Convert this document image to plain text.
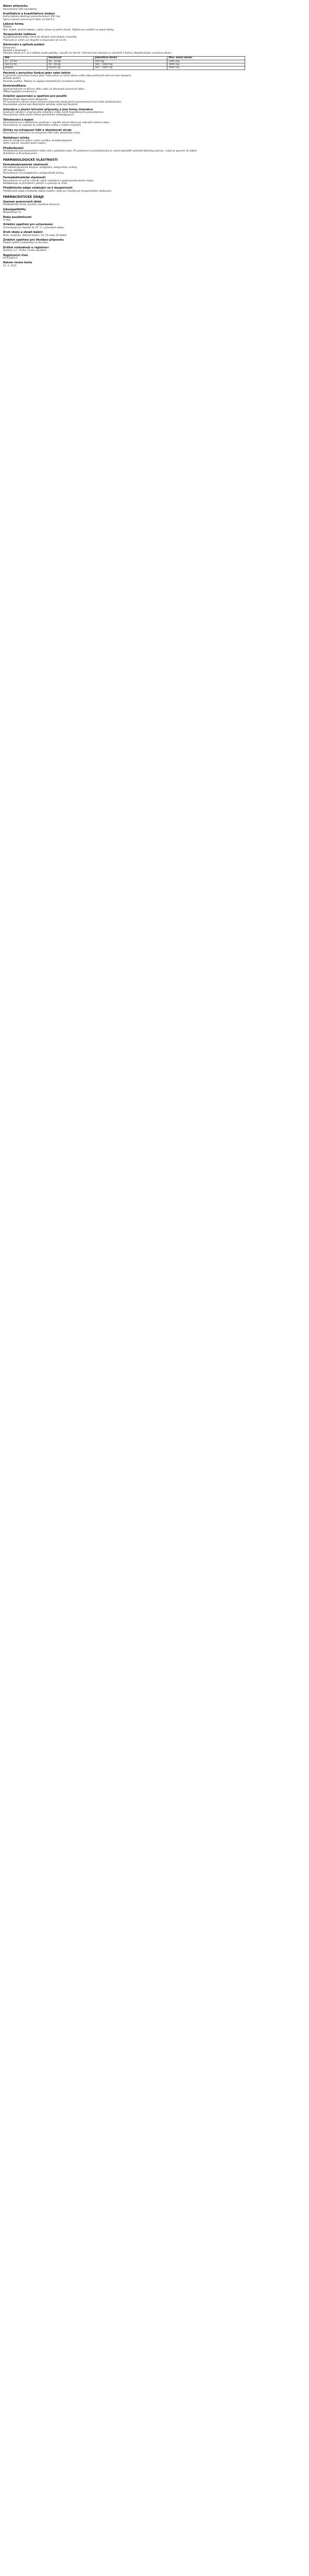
Název přípravku
Paracetamol 500 mg tablety
Kvalitativní a kvantitativní složení
Jedna tableta obsahuje paracetamolum 500 mg.
Úplný seznam pomocných látek viz bod 6.1.
Léková forma
Tableta.
Bílé, kulaté, ploché tablety s půlicí rýhou na jedné straně. Tabletu lze rozdělit na stejné dávky.
Terapeutické indikace
Symptomatická léčba mírné až středně silné bolesti a horečky.
Přípravek je určen pro dospělé a dospívající od 12 let.
Dávkování a způsob podání
Dávkování
Dospělí a dospívající
Obvyklá dávka je 1 až 2 tablety podle potřeby, nejvýše 4x denně. Interval mezi dávkami je nejméně 4 hodiny. Nepřekračujte uvedenou dávku.
Věk	Hmotnost	Jednotlivá dávka	Max. denní dávka
12 - 15 let	40 - 50 kg	500 mg	2000 mg
nad 15 let	50 - 65 kg	500 - 1000 mg	3000 mg
dospělí	nad 65 kg	500 - 1000 mg	4000 mg
Pacienti s poruchou funkce jater nebo ledvin
U pacientů s poruchou funkce jater nebo ledvin je nutné dávku snížit nebo prodloužit interval mezi dávkami.
Způsob podání
Perorální podání. Tablety se zapíjejí dostatečným množstvím tekutiny.
Kontraindikace
Hypersenzitivita na léčivou látku nebo na kteroukoli pomocnou látku.
Těžká hepatální insuficience.
Zvláštní upozornění a opatření pro použití
Nepřekračujte doporučené dávkování.
Při současném užívání jiných léčivých přípravků obsahujících paracetamol hrozí riziko předávkování.
Dlouhodobé užívání bez lékařského dohledu může být škodlivé.
Interakce s jinými léčivými přípravky a jiné formy interakce
Současné užívání s enzymovými induktory může zvýšit hepatotoxicitu paracetamolu.
Paracetamol může zesílit účinek perorálních antikoagulancií.
Těhotenství a kojení
Paracetamol lze v těhotenství používat v nejnižší účinné dávce po nejkratší možnou dobu.
Paracetamol se vylučuje do mateřského mléka v malém množství.
Účinky na schopnost řídit a obsluhovat stroje
Paracetamol nemá vliv na schopnost řídit nebo obsluhovat stroje.
Nežádoucí účinky
Vzácné: alergické reakce, kožní vyrážka, trombocytopenie.
Velmi vzácné: závažné kožní reakce.
Předávkování
Předávkování paracetamolem může vést k poškození jater. Při podezření na předávkování je nutné okamžitě vyhledat lékařskou pomoc, i když se pacient cítí dobře.
Antidotem je N-acetylcystein.
FARMAKOLOGICKÉ VLASTNOSTI
Farmakodynamické vlastnosti
Farmakoterapeutická skupina: analgetika, antipyretika, anilidy.
ATC kód: N02BE01
Paracetamol má analgetické a antipyretické účinky.
Farmakokinetické vlastnosti
Paracetamol se rychle a téměř úplně vstřebává z gastrointestinálního traktu.
Metabolizuje se převážně v játrech a vylučuje se močí.
Předklinické údaje vztahující se k bezpečnosti
Předklinické údaje neodhalily žádné zvláštní riziko pro člověka při terapeutickém dávkování.
FARMACEUTICKÉ ÚDAJE
Seznam pomocných látek
Předbobtnalý škrob, povidon, kyselina stearová.
Inkompatibility
Neuplatňuje se.
Doba použitelnosti
3 roky.
Zvláštní opatření pro uchovávání
Uchovávejte při teplotě do 25 °C v původním obalu.
Druh obalu a obsah balení
Blistr, krabička. Velikost balení: 10, 20 nebo 30 tablet.
Zvláštní opatření pro likvidaci přípravku
Žádné zvláštní požadavky na likvidaci.
Držitel rozhodnutí o registraci
Zentiva, k.s., Praha, Česká republika
Registrační číslo
07/123/01-C
Datum revize textu
11. 2. 2021
